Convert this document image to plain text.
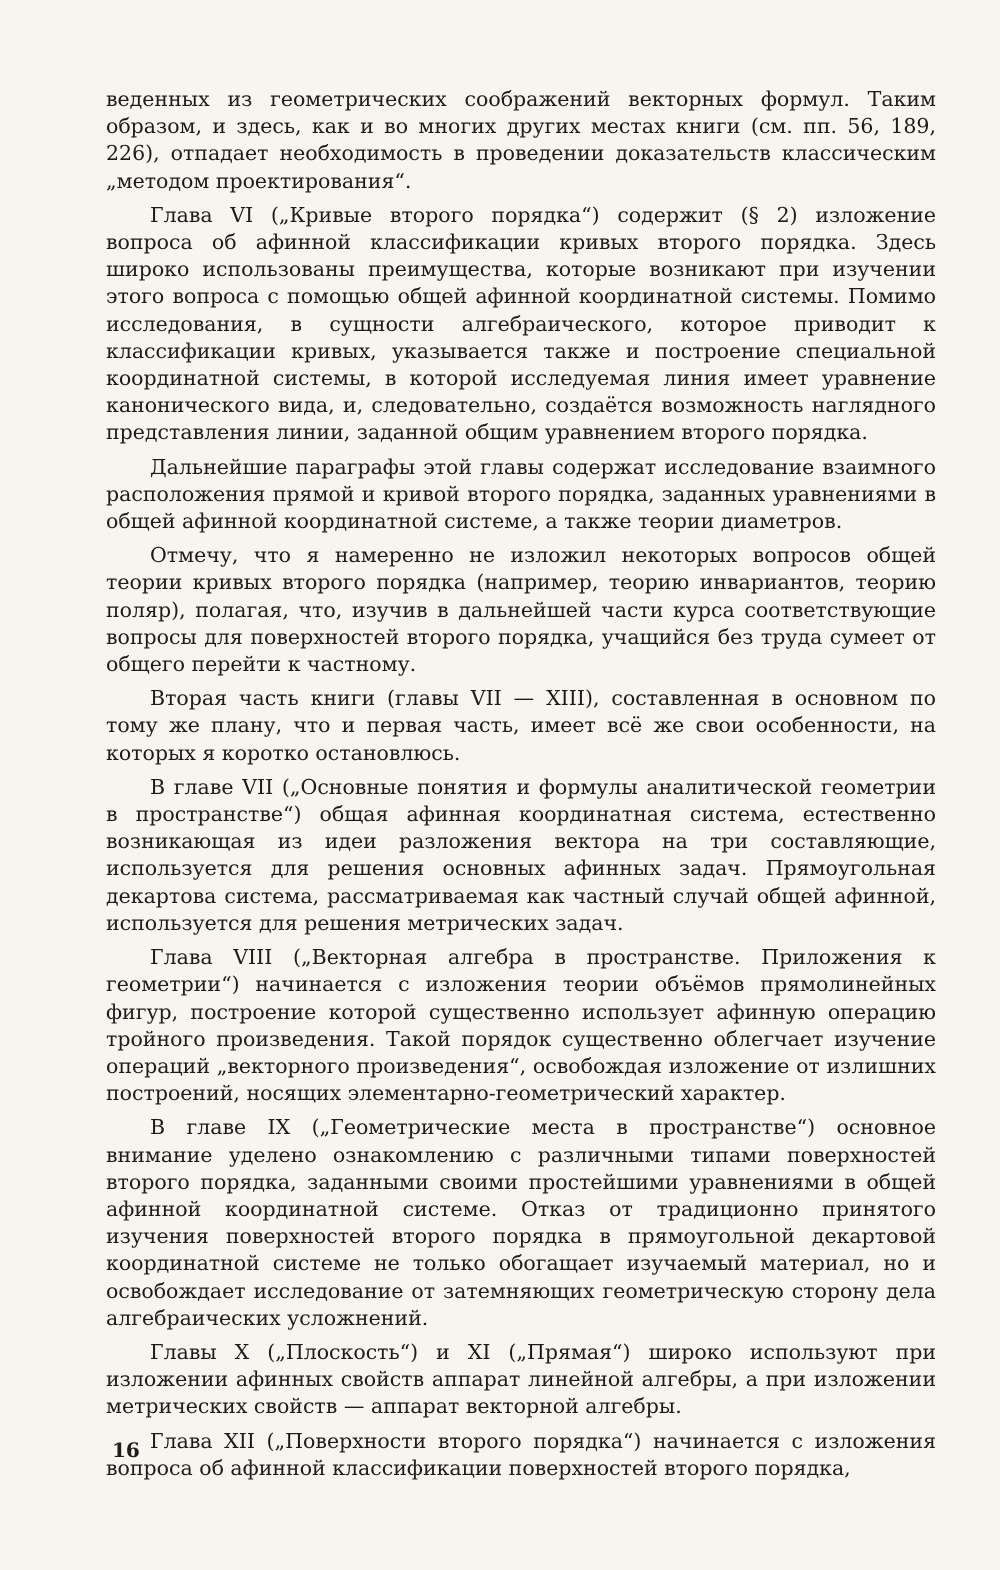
веденных из геометрических соображений векторных формул. Таким образом, и здесь, как и во многих других местах книги (см. пп. 56, 189, 226), отпадает необходимость в проведении доказательств классическим „методом проектирования“.

Глава VI („Кривые второго порядка“) содержит (§ 2) изложение вопроса об афинной классификации кривых второго порядка. Здесь широко использованы преимущества, которые возникают при изучении этого вопроса с помощью общей афинной координатной системы. Помимо исследования, в сущности алгебраического, которое приводит к классификации кривых, указывается также и построение специальной координатной системы, в которой исследуемая линия имеет уравнение канонического вида, и, следовательно, создаётся возможность наглядного представления линии, заданной общим уравнением второго порядка.

Дальнейшие параграфы этой главы содержат исследование взаимного расположения прямой и кривой второго порядка, заданных уравнениями в общей афинной координатной системе, а также теории диаметров.

Отмечу, что я намеренно не изложил некоторых вопросов общей теории кривых второго порядка (например, теорию инвариантов, теорию поляр), полагая, что, изучив в дальнейшей части курса соответствующие вопросы для поверхностей второго порядка, учащийся без труда сумеет от общего перейти к частному.

Вторая часть книги (главы VII — XIII), составленная в основном по тому же плану, что и первая часть, имеет всё же свои особенности, на которых я коротко остановлюсь.

В главе VII („Основные понятия и формулы аналитической геометрии в пространстве“) общая афинная координатная система, естественно возникающая из идеи разложения вектора на три составляющие, используется для решения основных афинных задач. Прямоугольная декартова система, рассматриваемая как частный случай общей афинной, используется для решения метрических задач.

Глава VIII („Векторная алгебра в пространстве. Приложения к геометрии“) начинается с изложения теории объёмов прямолинейных фигур, построение которой существенно использует афинную операцию тройного произведения. Такой порядок существенно облегчает изучение операций „векторного произведения“, освобождая изложение от излишних построений, носящих элементарно-геометрический характер.

В главе IX („Геометрические места в пространстве“) основное внимание уделено ознакомлению с различными типами поверхностей второго порядка, заданными своими простейшими уравнениями в общей афинной координатной системе. Отказ от традиционно принятого изучения поверхностей второго порядка в прямоугольной декартовой координатной системе не только обогащает изучаемый материал, но и освобождает исследование от затемняющих геометрическую сторону дела алгебраических усложнений.

Главы X („Плоскость“) и XI („Прямая“) широко используют при изложении афинных свойств аппарат линейной алгебры, а при изложении метрических свойств — аппарат векторной алгебры.

Глава XII („Поверхности второго порядка“) начинается с изложения вопроса об афинной классификации поверхностей второго порядка,

16
